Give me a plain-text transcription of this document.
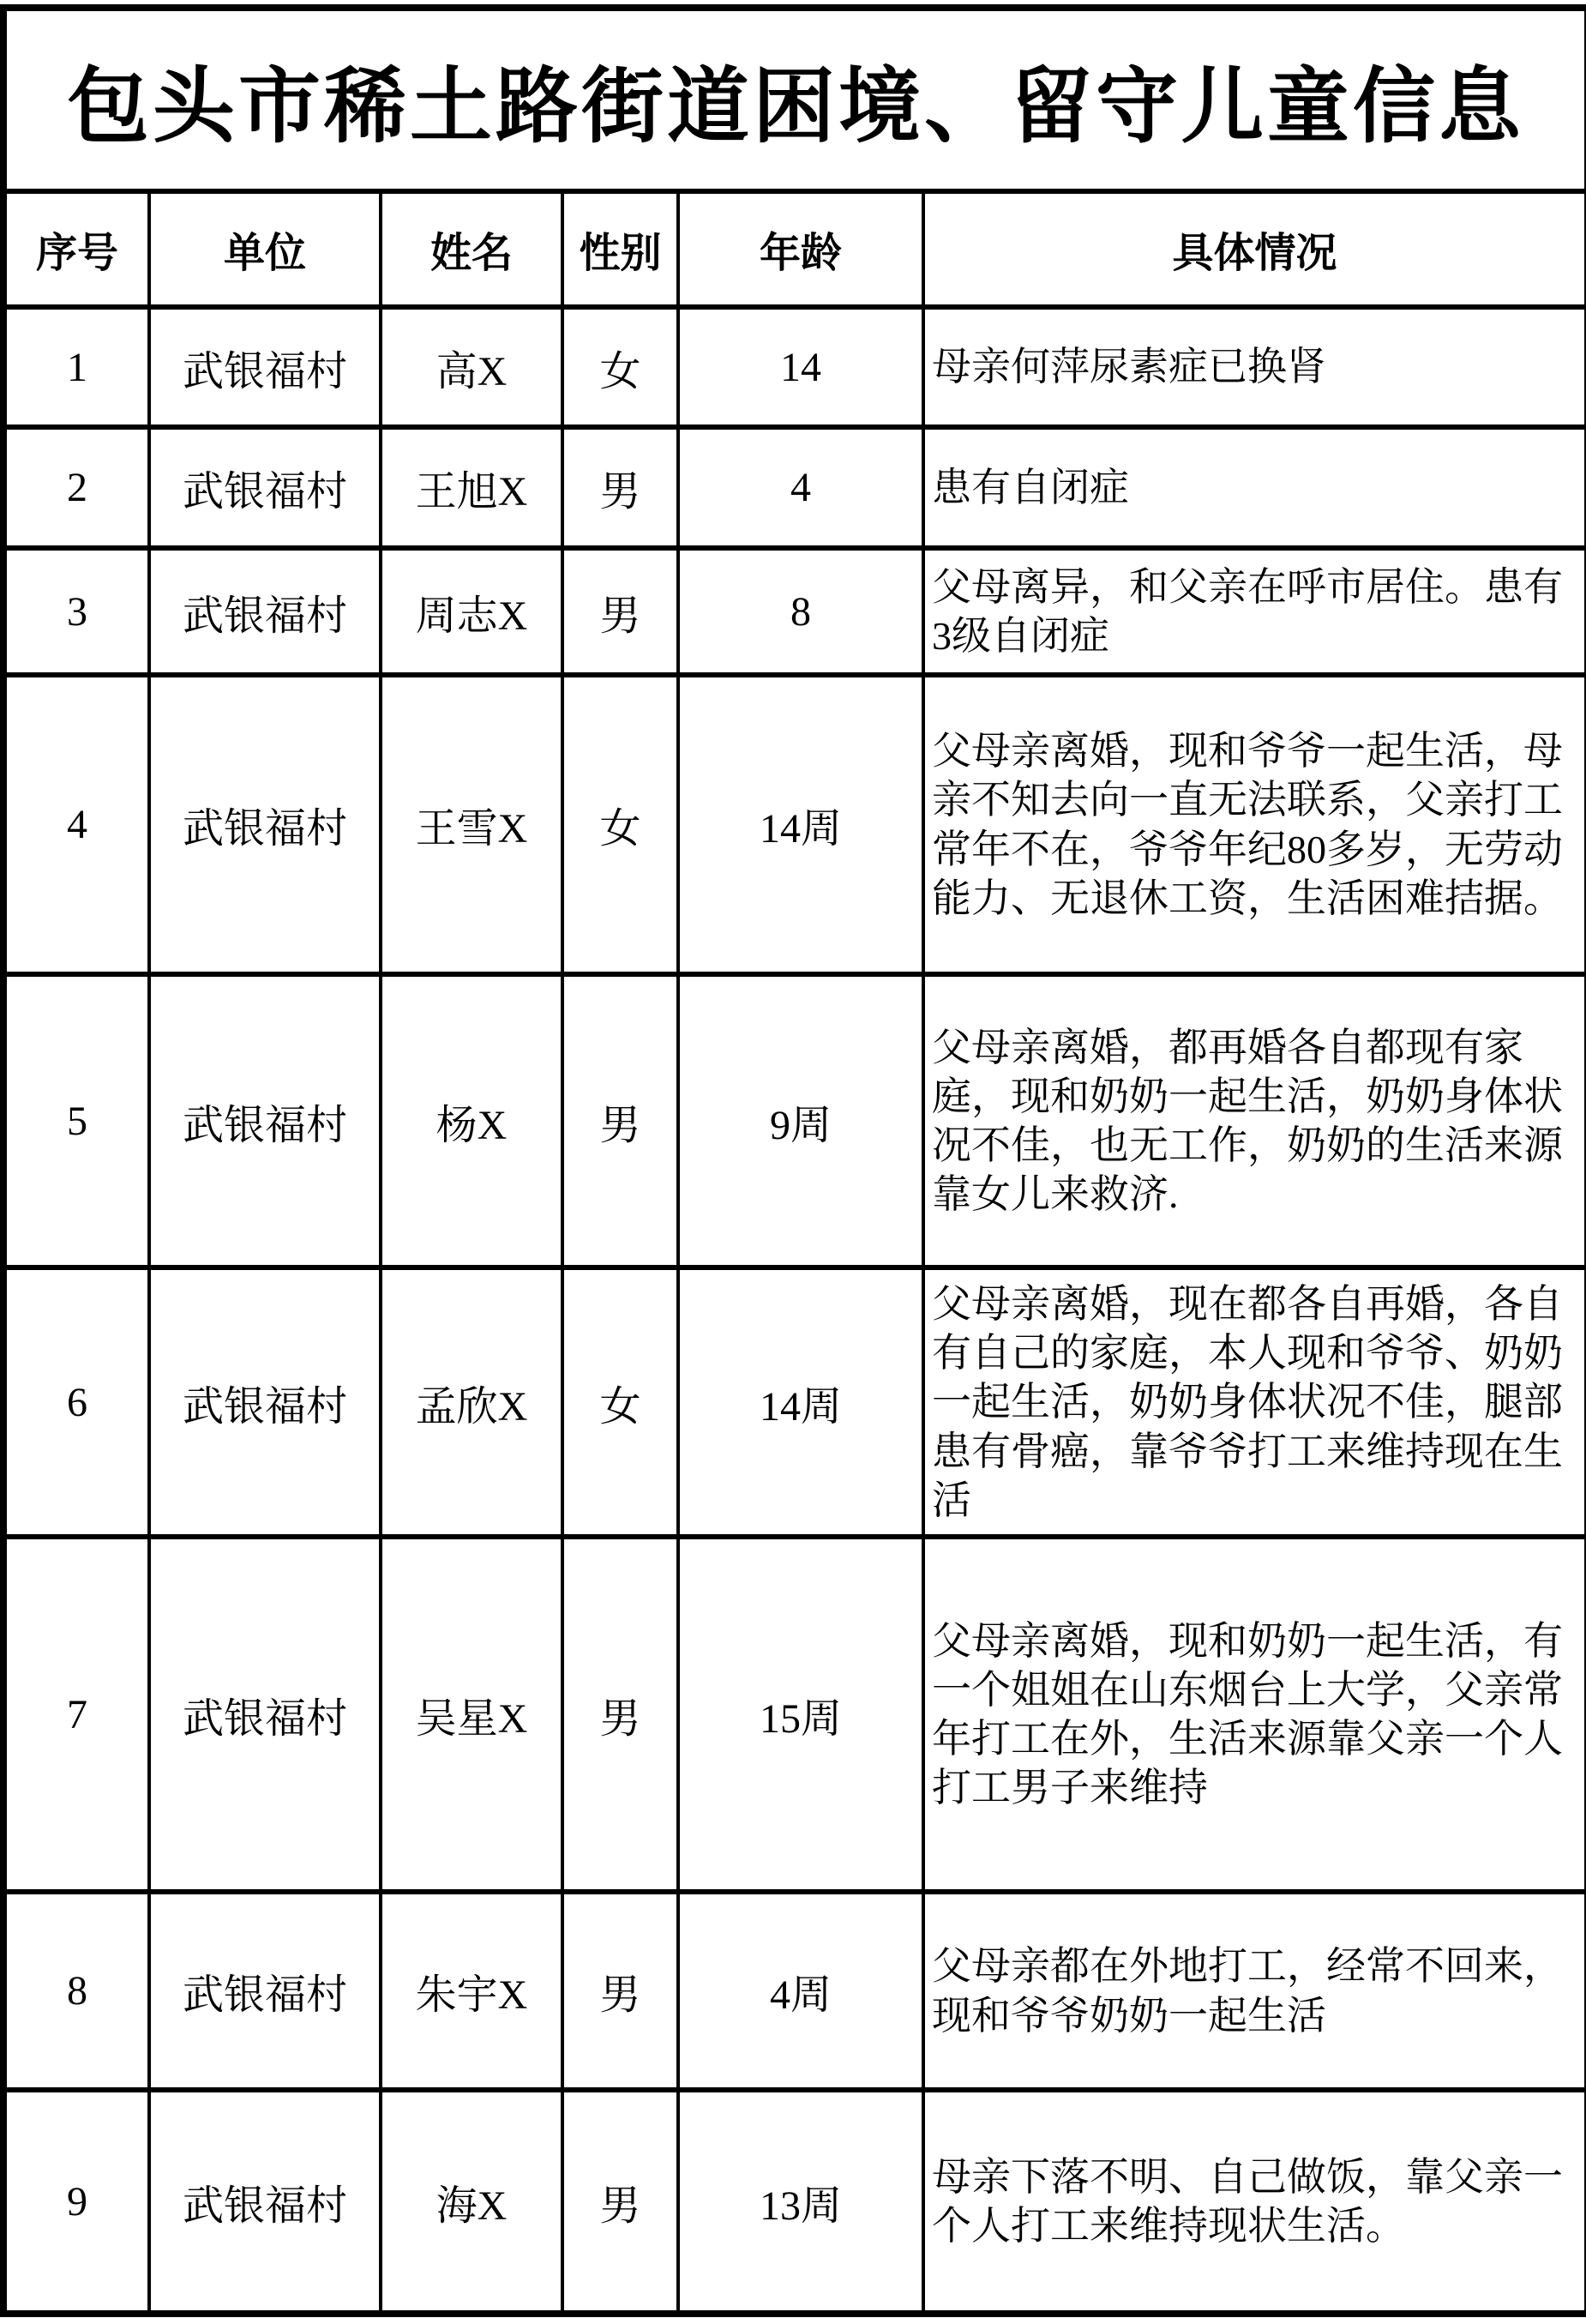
包头市稀土路街道困境、留守儿童信息					
序号	单位	姓名	性别	年龄	具体情况
1	武银福村	高X	女	14	母亲何萍尿素症已换肾
2	武银福村	王旭X	男	4	患有自闭症
3	武银福村	周志X	男	8	父母离异，和父亲在呼市居住。患有3级自闭症
4	武银福村	王雪X	女	14周	父母亲离婚，现和爷爷一起生活，母亲不知去向一直无法联系，父亲打工常年不在，爷爷年纪80多岁，无劳动能力、无退休工资，生活困难拮据。
5	武银福村	杨X	男	9周	父母亲离婚，都再婚各自都现有家庭，现和奶奶一起生活，奶奶身体状况不佳，也无工作，奶奶的生活来源靠女儿来救济.
6	武银福村	孟欣X	女	14周	父母亲离婚，现在都各自再婚，各自有自己的家庭，本人现和爷爷、奶奶一起生活，奶奶身体状况不佳，腿部患有骨癌，靠爷爷打工来维持现在生活
7	武银福村	吴星X	男	15周	父母亲离婚，现和奶奶一起生活，有一个姐姐在山东烟台上大学，父亲常年打工在外，生活来源靠父亲一个人打工男子来维持
8	武银福村	朱宇X	男	4周	父母亲都在外地打工，经常不回来，现和爷爷奶奶一起生活
9	武银福村	海X	男	13周	母亲下落不明、自己做饭，靠父亲一个人打工来维持现状生活。
